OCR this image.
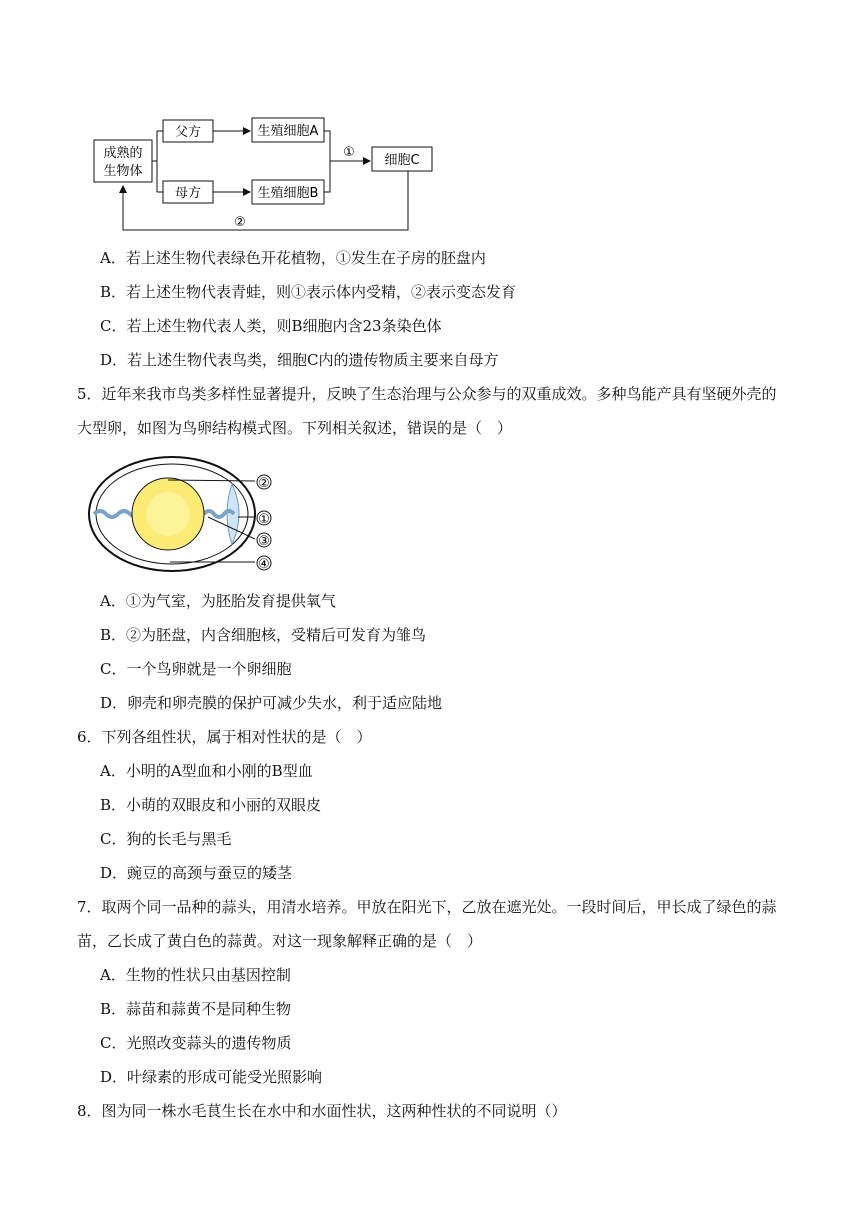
成熟的
生物体
父方
母方
生殖细胞A
生殖细胞B
①
细胞C
②
A．若上述生物代表绿色开花植物，①发生在子房的胚盘内
B．若上述生物代表青蛙，则①表示体内受精，②表示变态发育
C．若上述生物代表人类，则B细胞内含23条染色体
D．若上述生物代表鸟类，细胞C内的遗传物质主要来自母方
5．近年来我市鸟类多样性显著提升，反映了生态治理与公众参与的双重成效。多种鸟能产具有坚硬外壳的
大型卵，如图为鸟卵结构模式图。下列相关叙述，错误的是（　）
②
①
③
④
A．①为气室，为胚胎发育提供氧气
B．②为胚盘，内含细胞核，受精后可发育为雏鸟
C．一个鸟卵就是一个卵细胞
D．卵壳和卵壳膜的保护可减少失水，利于适应陆地
6．下列各组性状，属于相对性状的是（　）
A．小明的A型血和小刚的B型血
B．小萌的双眼皮和小丽的双眼皮
C．狗的长毛与黑毛
D．豌豆的高颈与蚕豆的矮茎
7．取两个同一品种的蒜头，用清水培养。甲放在阳光下，乙放在遮光处。一段时间后，甲长成了绿色的蒜
苗，乙长成了黄白色的蒜黄。对这一现象解释正确的是（　）
A．生物的性状只由基因控制
B．蒜苗和蒜黄不是同种生物
C．光照改变蒜头的遗传物质
D．叶绿素的形成可能受光照影响
8．图为同一株水毛茛生长在水中和水面性状，这两种性状的不同说明（）
